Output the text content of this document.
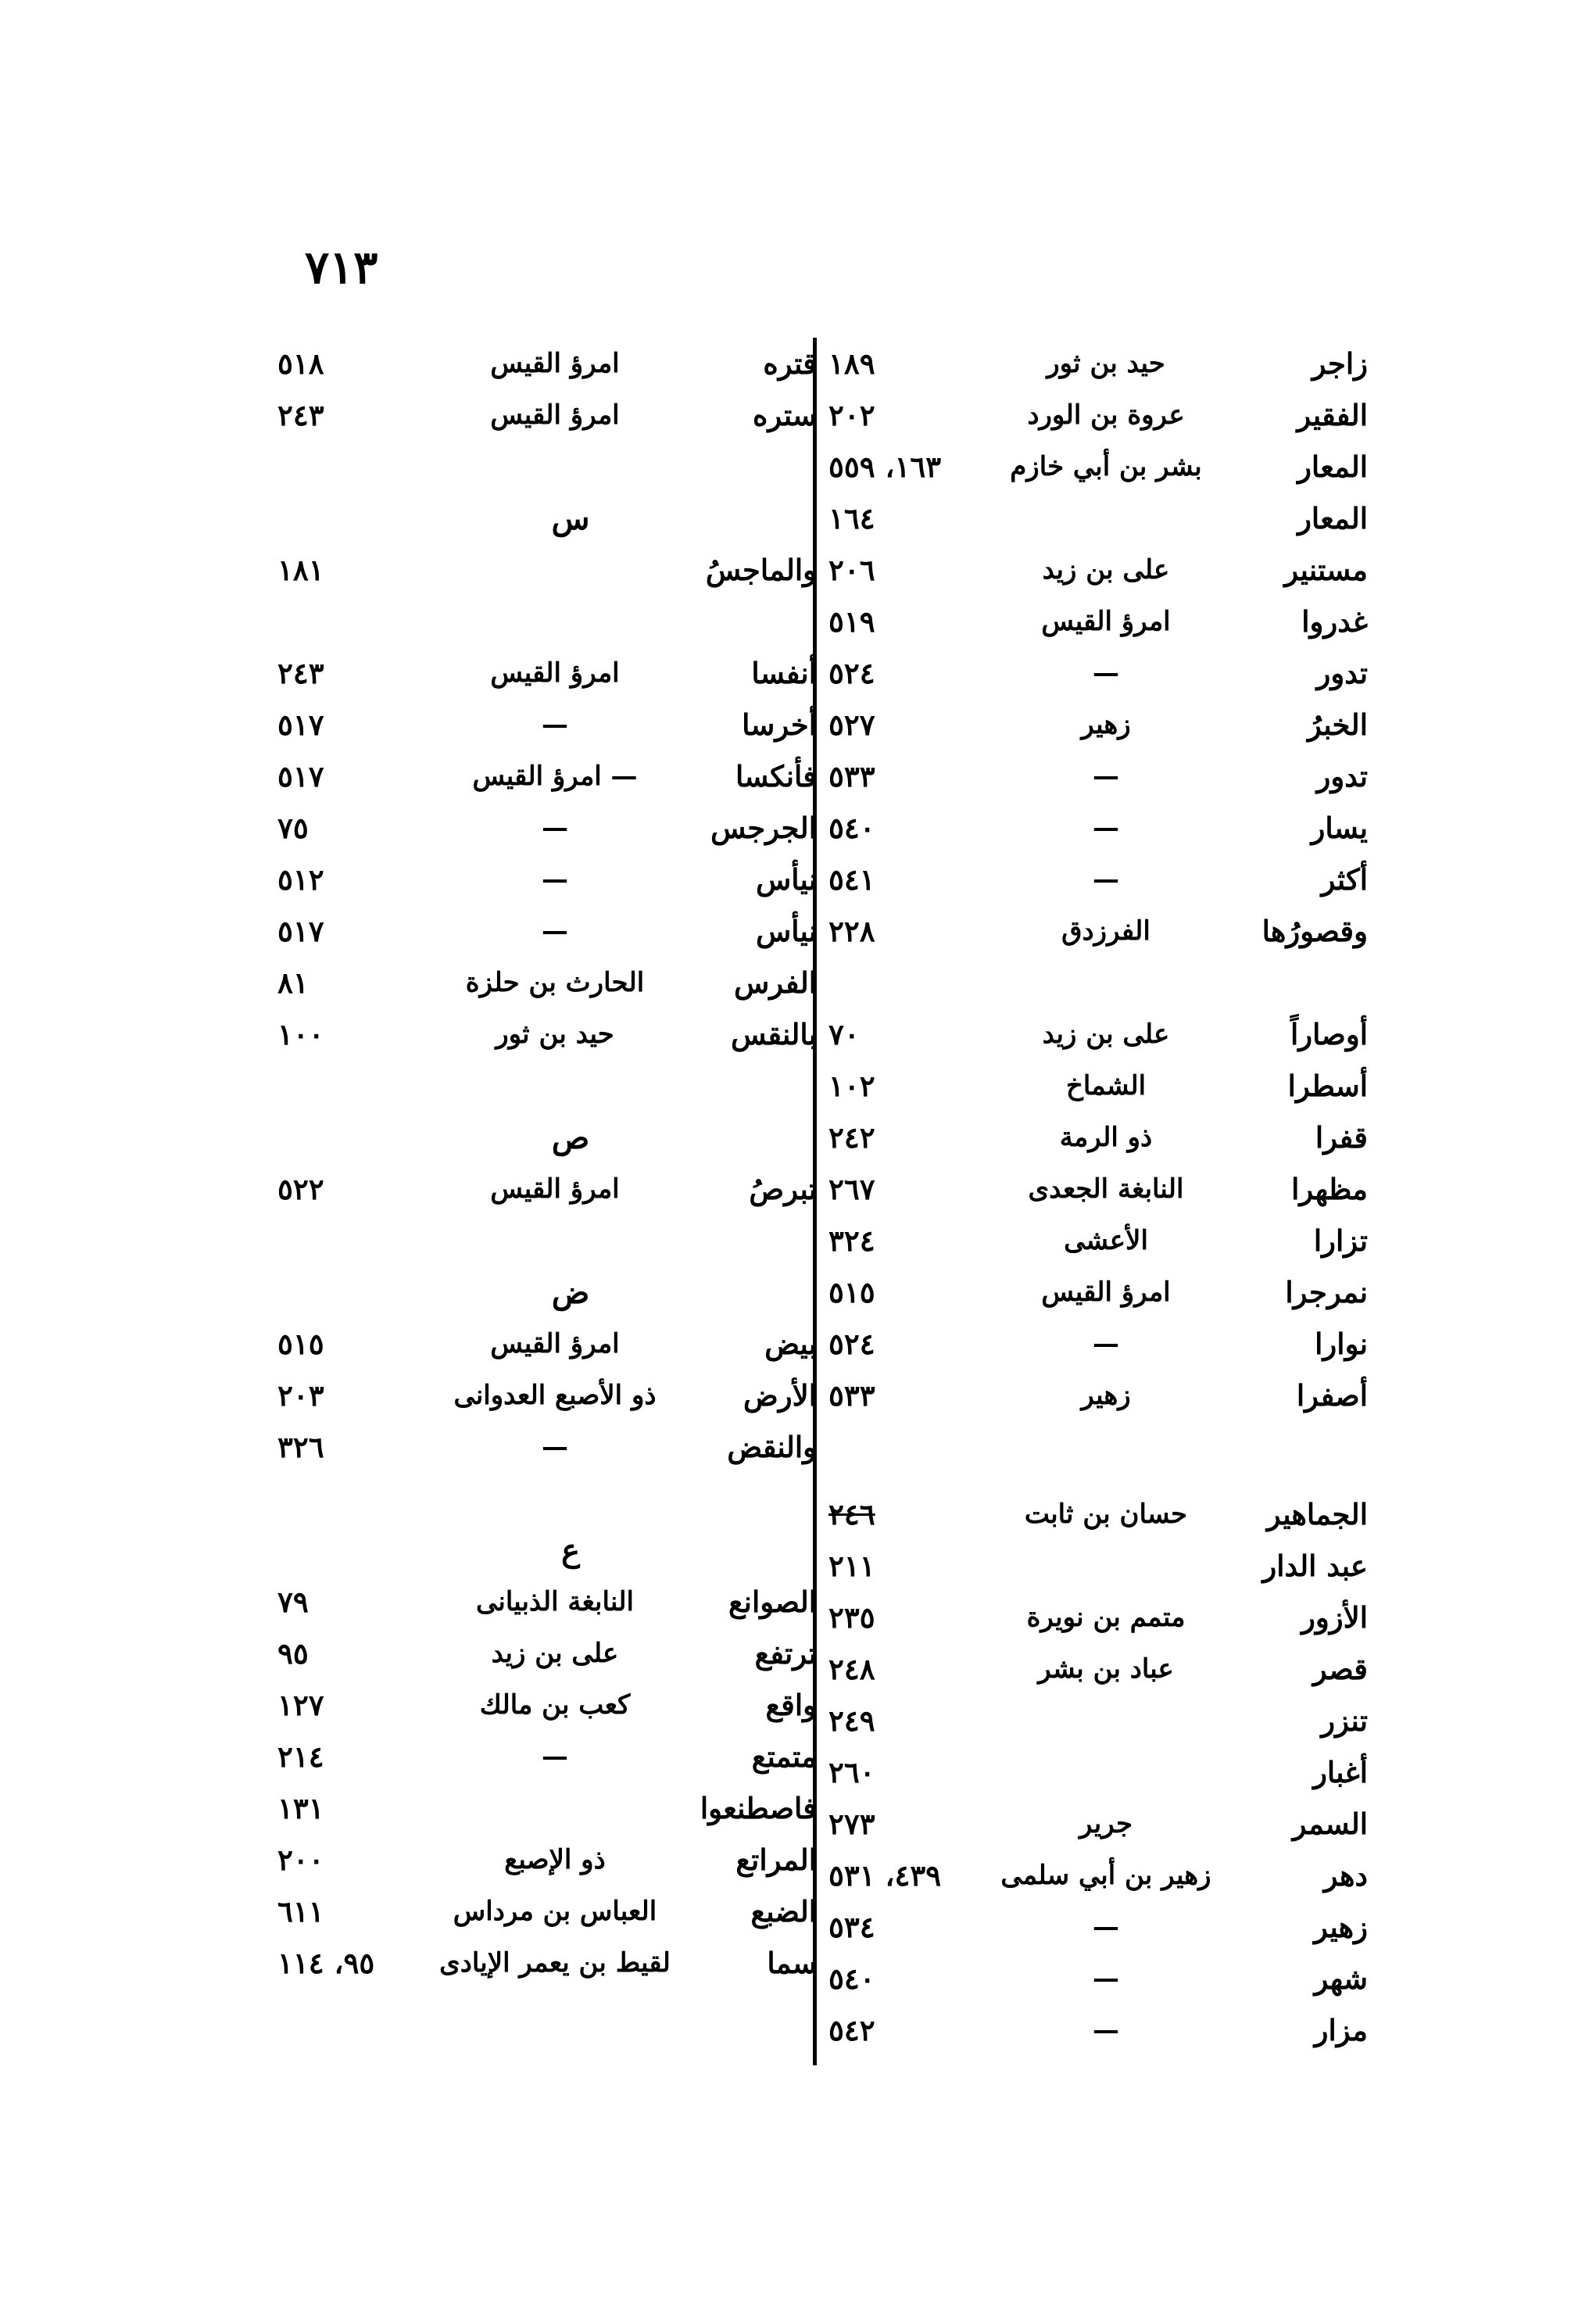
٧١٣
زاجر
حيد بن ثور
١٨٩
الفقير
عروة بن الورد
٢٠٢
المعار
بشر بن أبي خازم
١٦٣، ٥٥٩
المعار
١٦٤
مستنير
على بن زيد
٢٠٦
غدروا
امرؤ القيس
٥١٩
تدور
—
٥٢٤
الخبرُ
زهير
٥٢٧
تدور
—
٥٣٣
يسار
—
٥٤٠
أكثر
—
٥٤١
وقصورُها
الفرزدق
٢٢٨
أوصاراً
على بن زيد
٧٠
أسطرا
الشماخ
١٠٢
قفرا
ذو الرمة
٢٤٢
مظهرا
النابغة الجعدى
٢٦٧
تزارا
الأعشى
٣٢٤
نمرجرا
امرؤ القيس
٥١٥
نوارا
—
٥٢٤
أصفرا
زهير
٥٣٣
الجماهير
حسان بن ثابت
٢٤٦
عبد الدار
٢١١
الأزور
متمم بن نويرة
٢٣٥
قصر
عباد بن بشر
٢٤٨
تنزر
٢٤٩
أغبار
٢٦٠
السمر
جرير
٢٧٣
دهر
زهير بن أبي سلمى
٤٣٩، ٥٣١
زهير
—
٥٣٤
شهر
—
٥٤٠
مزار
—
٥٤٢
قتره
امرؤ القيس
٥١٨
ستره
امرؤ القيس
٢٤٣
س
والماجسُ
١٨١
أنفسا
امرؤ القيس
٢٤٣
أخرسا
—
٥١٧
فأنكسا
— امرؤ القيس
٥١٧
الجرجس
—
٧٥
نيأس
—
٥١٢
نيأس
—
٥١٧
الفرس
الحارث بن حلزة
٨١
بالنقس
حيد بن ثور
١٠٠
ص
تبرصُ
امرؤ القيس
٥٢٢
ض
بيض
امرؤ القيس
٥١٥
الأرض
ذو الأصبع العدوانى
٢٠٣
والنقض
—
٣٢٦
ع
الصوانع
النابغة الذبيانى
٧٩
ترتفع
على بن زيد
٩٥
واقع
كعب بن مالك
١٢٧
متمتع
—
٢١٤
فاصطنعوا
١٣١
المراتع
ذو الإصبع
٢٠٠
الضبع
العباس بن مرداس
٦١١
سما
لقيط بن يعمر الإيادى
٩٥، ١١٤
